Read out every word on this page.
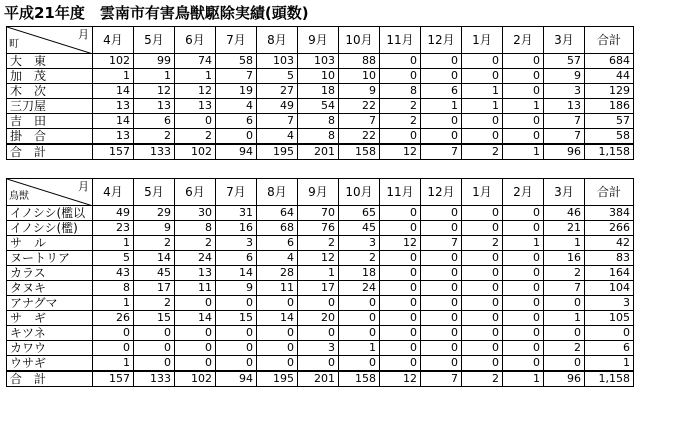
平成21年度　雲南市有害鳥獣駆除実績(頭数)
月
町	4月	5月	6月	7月	8月	9月	10月	11月	12月	1月	2月	3月	合計
大　東	102	99	74	58	103	103	88	0	0	0	0	57	684
加　茂	1	1	1	7	5	10	10	0	0	0	0	9	44
木　次	14	12	12	19	27	18	9	8	6	1	0	3	129
三刀屋	13	13	13	4	49	54	22	2	1	1	1	13	186
吉　田	14	6	0	6	7	8	7	2	0	0	0	7	57
掛　合	13	2	2	0	4	8	22	0	0	0	0	7	58
合　計	157	133	102	94	195	201	158	12	7	2	1	96	1,158
月
鳥獣	4月	5月	6月	7月	8月	9月	10月	11月	12月	1月	2月	3月	合計
イノシシ(檻以	49	29	30	31	64	70	65	0	0	0	0	46	384
イノシシ(檻)	23	9	8	16	68	76	45	0	0	0	0	21	266
サ　ル	1	2	2	3	6	2	3	12	7	2	1	1	42
ヌートリア	5	14	24	6	4	12	2	0	0	0	0	16	83
カラス	43	45	13	14	28	1	18	0	0	0	0	2	164
タヌキ	8	17	11	9	11	17	24	0	0	0	0	7	104
アナグマ	1	2	0	0	0	0	0	0	0	0	0	0	3
サ　ギ	26	15	14	15	14	20	0	0	0	0	0	1	105
キツネ	0	0	0	0	0	0	0	0	0	0	0	0	0
カワウ	0	0	0	0	0	3	1	0	0	0	0	2	6
ウサギ	1	0	0	0	0	0	0	0	0	0	0	0	1
合　計	157	133	102	94	195	201	158	12	7	2	1	96	1,158
